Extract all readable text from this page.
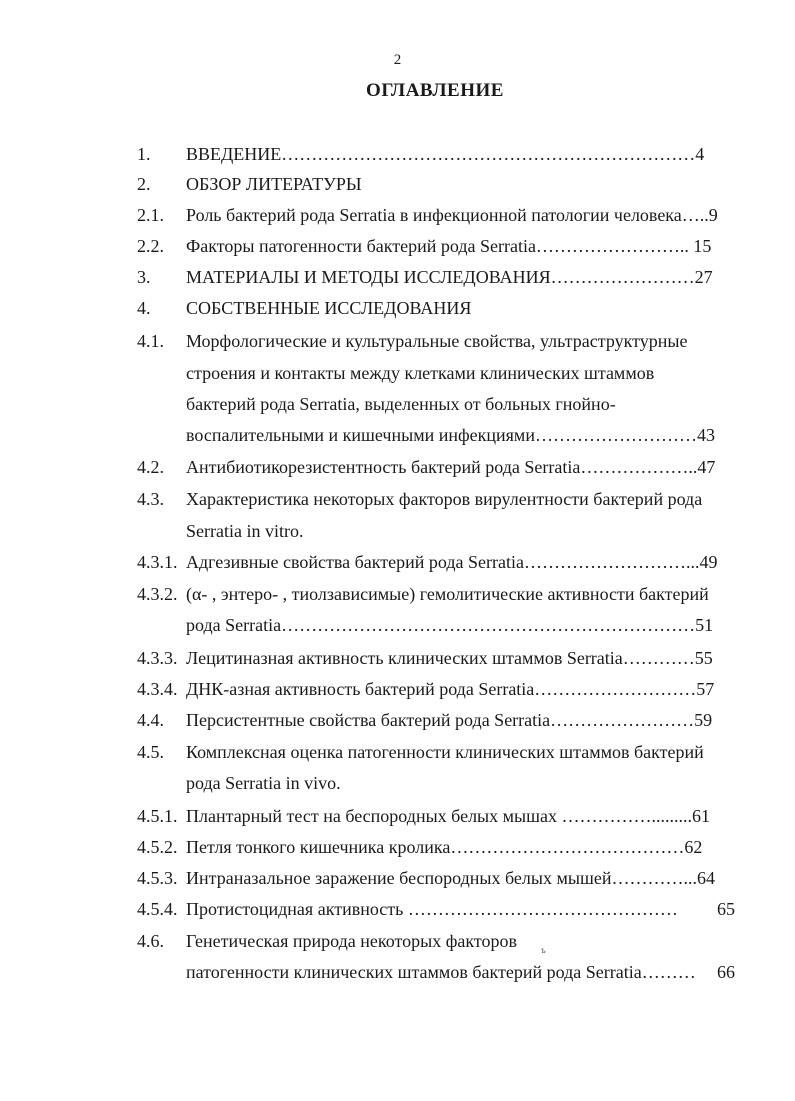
2
ОГЛАВЛЕНИЕ
ъ
1. ВВЕДЕНИЕ……………………………………………………………4
2. ОБЗОР ЛИТЕРАТУРЫ
2.1. Роль бактерий рода Serratia в инфекционной патологии человека…..9
2.2. Факторы патогенности бактерий рода Serratia…………………….. 15
3. МАТЕРИАЛЫ И МЕТОДЫ ИССЛЕДОВАНИЯ……………………27
4. СОБСТВЕННЫЕ ИССЛЕДОВАНИЯ
4.1. Морфологические и культуральные свойства, ультраструктурные
строения и контакты между клетками клинических штаммов
бактерий рода Serratia, выделенных от больных гнойно-
воспалительными и кишечными инфекциями………………………43
4.2. Антибиотикорезистентность бактерий рода Serratia………………..47
4.3. Характеристика некоторых факторов вирулентности бактерий рода
Serratia in vitro.
4.3.1. Адгезивные свойства бактерий рода Serratia………………………...49
4.3.2. (α- , энтеро- , тиолзависимые) гемолитические активности бактерий
рода Serratia……………………………………………………………51
4.3.3. Лецитиназная активность клинических штаммов Serratia…………55
4.3.4. ДНК-азная активность бактерий рода Serratia………………………57
4.4. Персистентные свойства бактерий рода Serratia……………………59
4.5. Комплексная оценка патогенности клинических штаммов бактерий
рода Serratia in vivo.
4.5.1. Плантарный тест на беспородных белых мышах …………….........61
4.5.2. Петля тонкого кишечника кролика…………………………………62
4.5.3. Интраназальное заражение беспородных белых мышей…………...64
4.5.4. Протистоцидная активность ………………………………………	65
4.6. Генетическая природа некоторых факторов
патогенности клинических штаммов бактерий рода Serratia………	66
